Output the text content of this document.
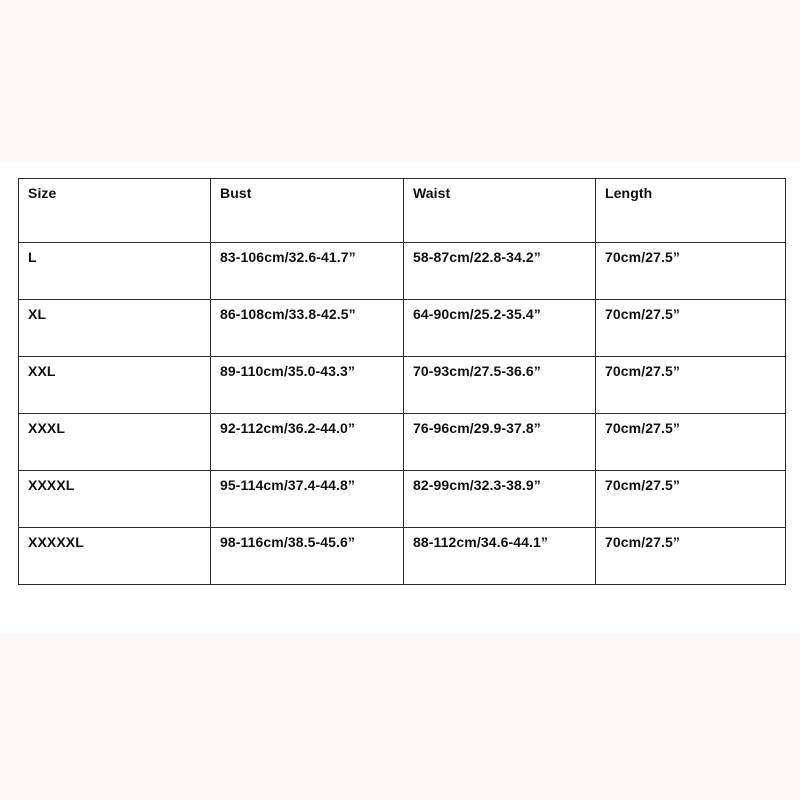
Size	Bust	Waist	Length
L	83-106cm/32.6-41.7”	58-87cm/22.8-34.2”	70cm/27.5”
XL	86-108cm/33.8-42.5”	64-90cm/25.2-35.4”	70cm/27.5”
XXL	89-110cm/35.0-43.3”	70-93cm/27.5-36.6”	70cm/27.5”
XXXL	92-112cm/36.2-44.0”	76-96cm/29.9-37.8”	70cm/27.5”
XXXXL	95-114cm/37.4-44.8”	82-99cm/32.3-38.9”	70cm/27.5”
XXXXXL	98-116cm/38.5-45.6”	88-112cm/34.6-44.1”	70cm/27.5”
